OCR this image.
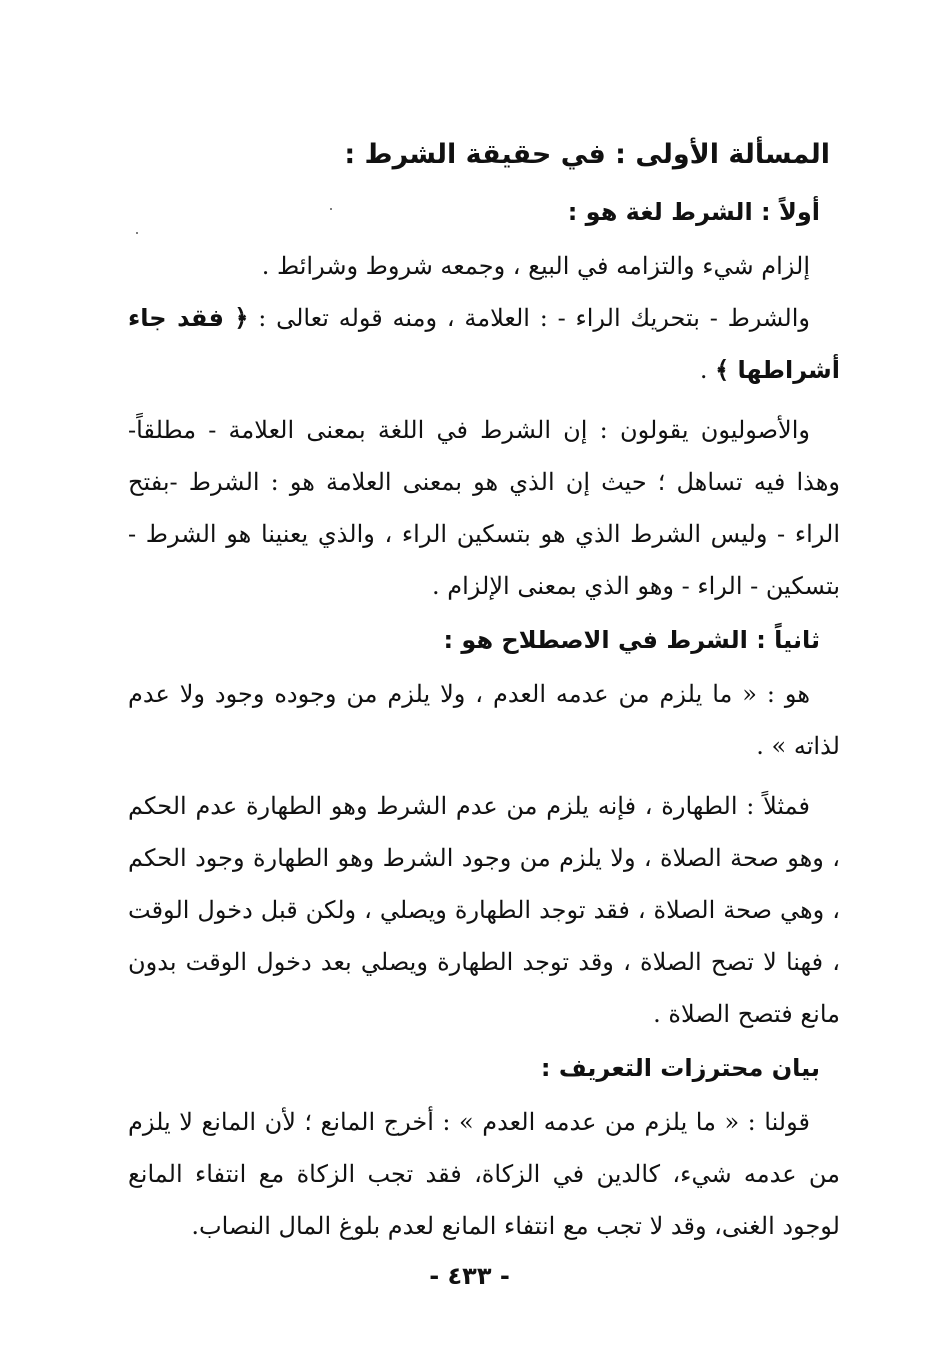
المسألة الأولى : في حقيقة الشرط :
أولاً : الشرط لغة هو :

إلزام شيء والتزامه في البيع ، وجمعه شروط وشرائط .

والشرط - بتحريك الراء - : العلامة ، ومنه قوله تعالى : ﴿ فقد جاء أشراطها ﴾ .

والأصوليون يقولون : إن الشرط في اللغة بمعنى العلامة - مطلقاً- وهذا فيه تساهل ؛ حيث إن الذي هو بمعنى العلامة هو : الشرط -بفتح الراء - وليس الشرط الذي هو بتسكين الراء ، والذي يعنينا هو الشرط - بتسكين - الراء - وهو الذي بمعنى الإلزام .

ثانياً : الشرط في الاصطلاح هو :

هو : « ما يلزم من عدمه العدم ، ولا يلزم من وجوده وجود ولا عدم لذاته » .

فمثلاً : الطهارة ، فإنه يلزم من عدم الشرط وهو الطهارة عدم الحكم ، وهو صحة الصلاة ، ولا يلزم من وجود الشرط وهو الطهارة وجود الحكم ، وهي صحة الصلاة ، فقد توجد الطهارة ويصلي ، ولكن قبل دخول الوقت ، فهنا لا تصح الصلاة ، وقد توجد الطهارة ويصلي بعد دخول الوقت بدون مانع فتصح الصلاة .

بيان محترزات التعريف :

قولنا : « ما يلزم من عدمه العدم » : أخرج المانع ؛ لأن المانع لا يلزم من عدمه شيء، كالدين في الزكاة، فقد تجب الزكاة مع انتفاء المانع لوجود الغنى، وقد لا تجب مع انتفاء المانع لعدم بلوغ المال النصاب.

- ٤٣٣ -
